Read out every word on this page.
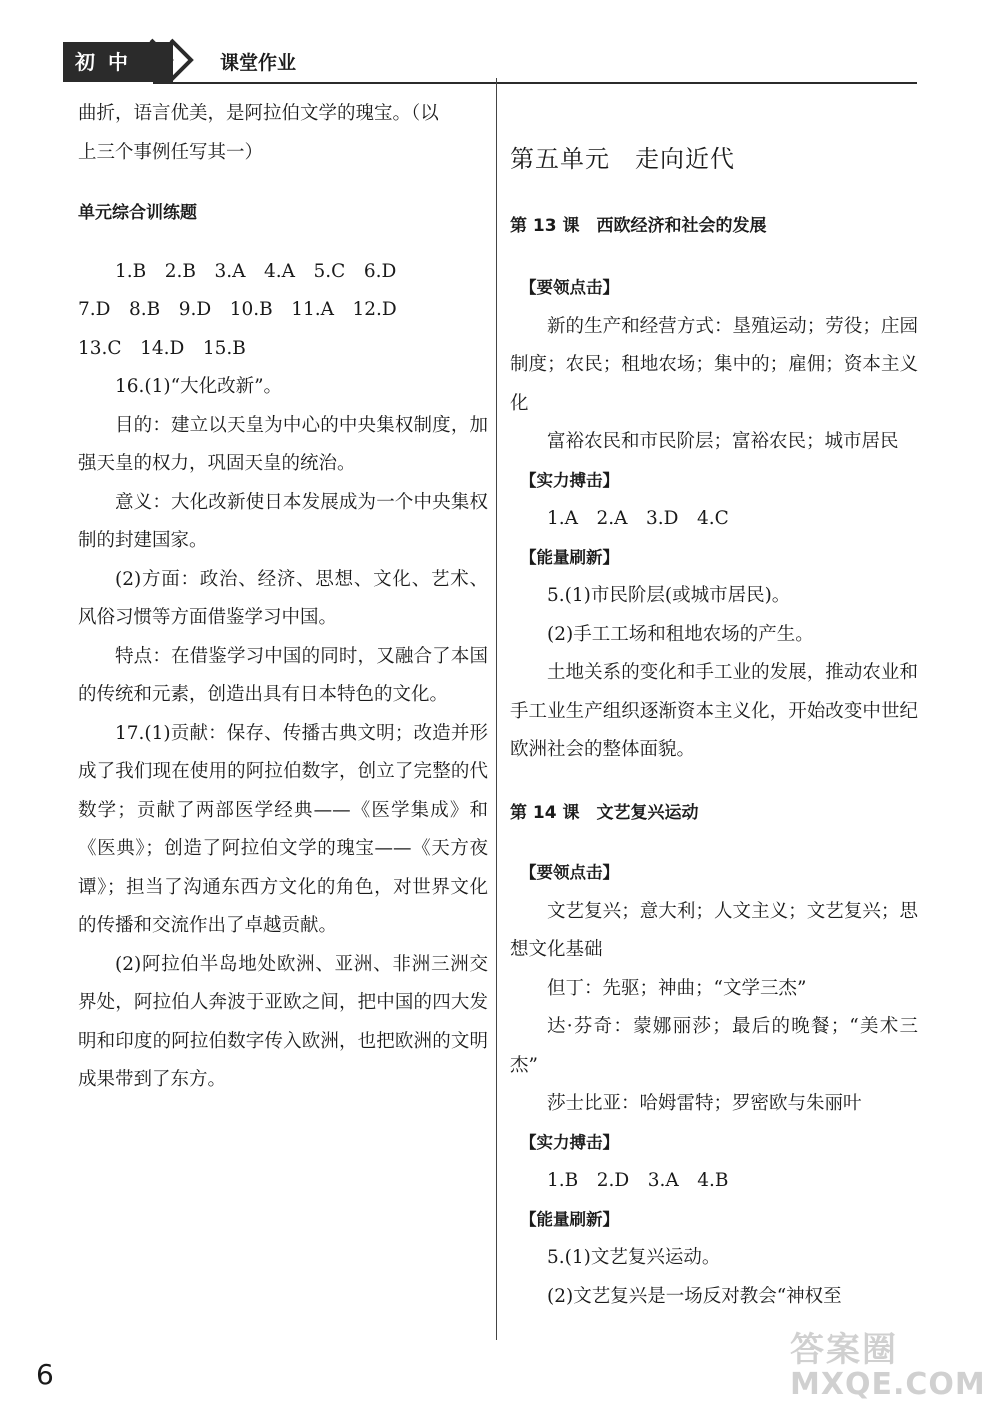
初 中	课堂作业

曲折，语言优美，是阿拉伯文学的瑰宝。（以

上三个事例任写其一）

单元综合训练题

1.B　2.B　3.A　4.A　5.C　6.D

7.D　8.B　9.D　10.B　11.A　12.D

13.C　14.D　15.B

16.(1)“大化改新”。

目的：建立以天皇为中心的中央集权制度，加强天皇的权力，巩固天皇的统治。

意义：大化改新使日本发展成为一个中央集权制的封建国家。

(2)方面：政治、经济、思想、文化、艺术、风俗习惯等方面借鉴学习中国。

特点：在借鉴学习中国的同时，又融合了本国的传统和元素，创造出具有日本特色的文化。

17.(1)贡献：保存、传播古典文明；改造并形成了我们现在使用的阿拉伯数字，创立了完整的代数学；贡献了两部医学经典——《医学集成》和《医典》；创造了阿拉伯文学的瑰宝——《天方夜谭》；担当了沟通东西方文化的角色，对世界文化的传播和交流作出了卓越贡献。

(2)阿拉伯半岛地处欧洲、亚洲、非洲三洲交界处，阿拉伯人奔波于亚欧之间，把中国的四大发明和印度的阿拉伯数字传入欧洲，也把欧洲的文明成果带到了东方。

第五单元　走向近代

第 13 课　西欧经济和社会的发展

【要领点击】

新的生产和经营方式：垦殖运动；劳役；庄园制度；农民；租地农场；集中的；雇佣；资本主义化

富裕农民和市民阶层；富裕农民；城市居民

【实力搏击】

1.A　2.A　3.D　4.C

【能量刷新】

5.(1)市民阶层(或城市居民)。

(2)手工工场和租地农场的产生。

土地关系的变化和手工业的发展，推动农业和手工业生产组织逐渐资本主义化，开始改变中世纪欧洲社会的整体面貌。

第 14 课　文艺复兴运动

【要领点击】

文艺复兴；意大利；人文主义；文艺复兴；思想文化基础

但丁：先驱；神曲；“文学三杰”

达·芬奇：蒙娜丽莎；最后的晚餐；“美术三杰”

莎士比亚：哈姆雷特；罗密欧与朱丽叶

【实力搏击】

1.B　2.D　3.A　4.B

【能量刷新】

5.(1)文艺复兴运动。

(2)文艺复兴是一场反对教会“神权至

6
答案圈
MXQE.COM
